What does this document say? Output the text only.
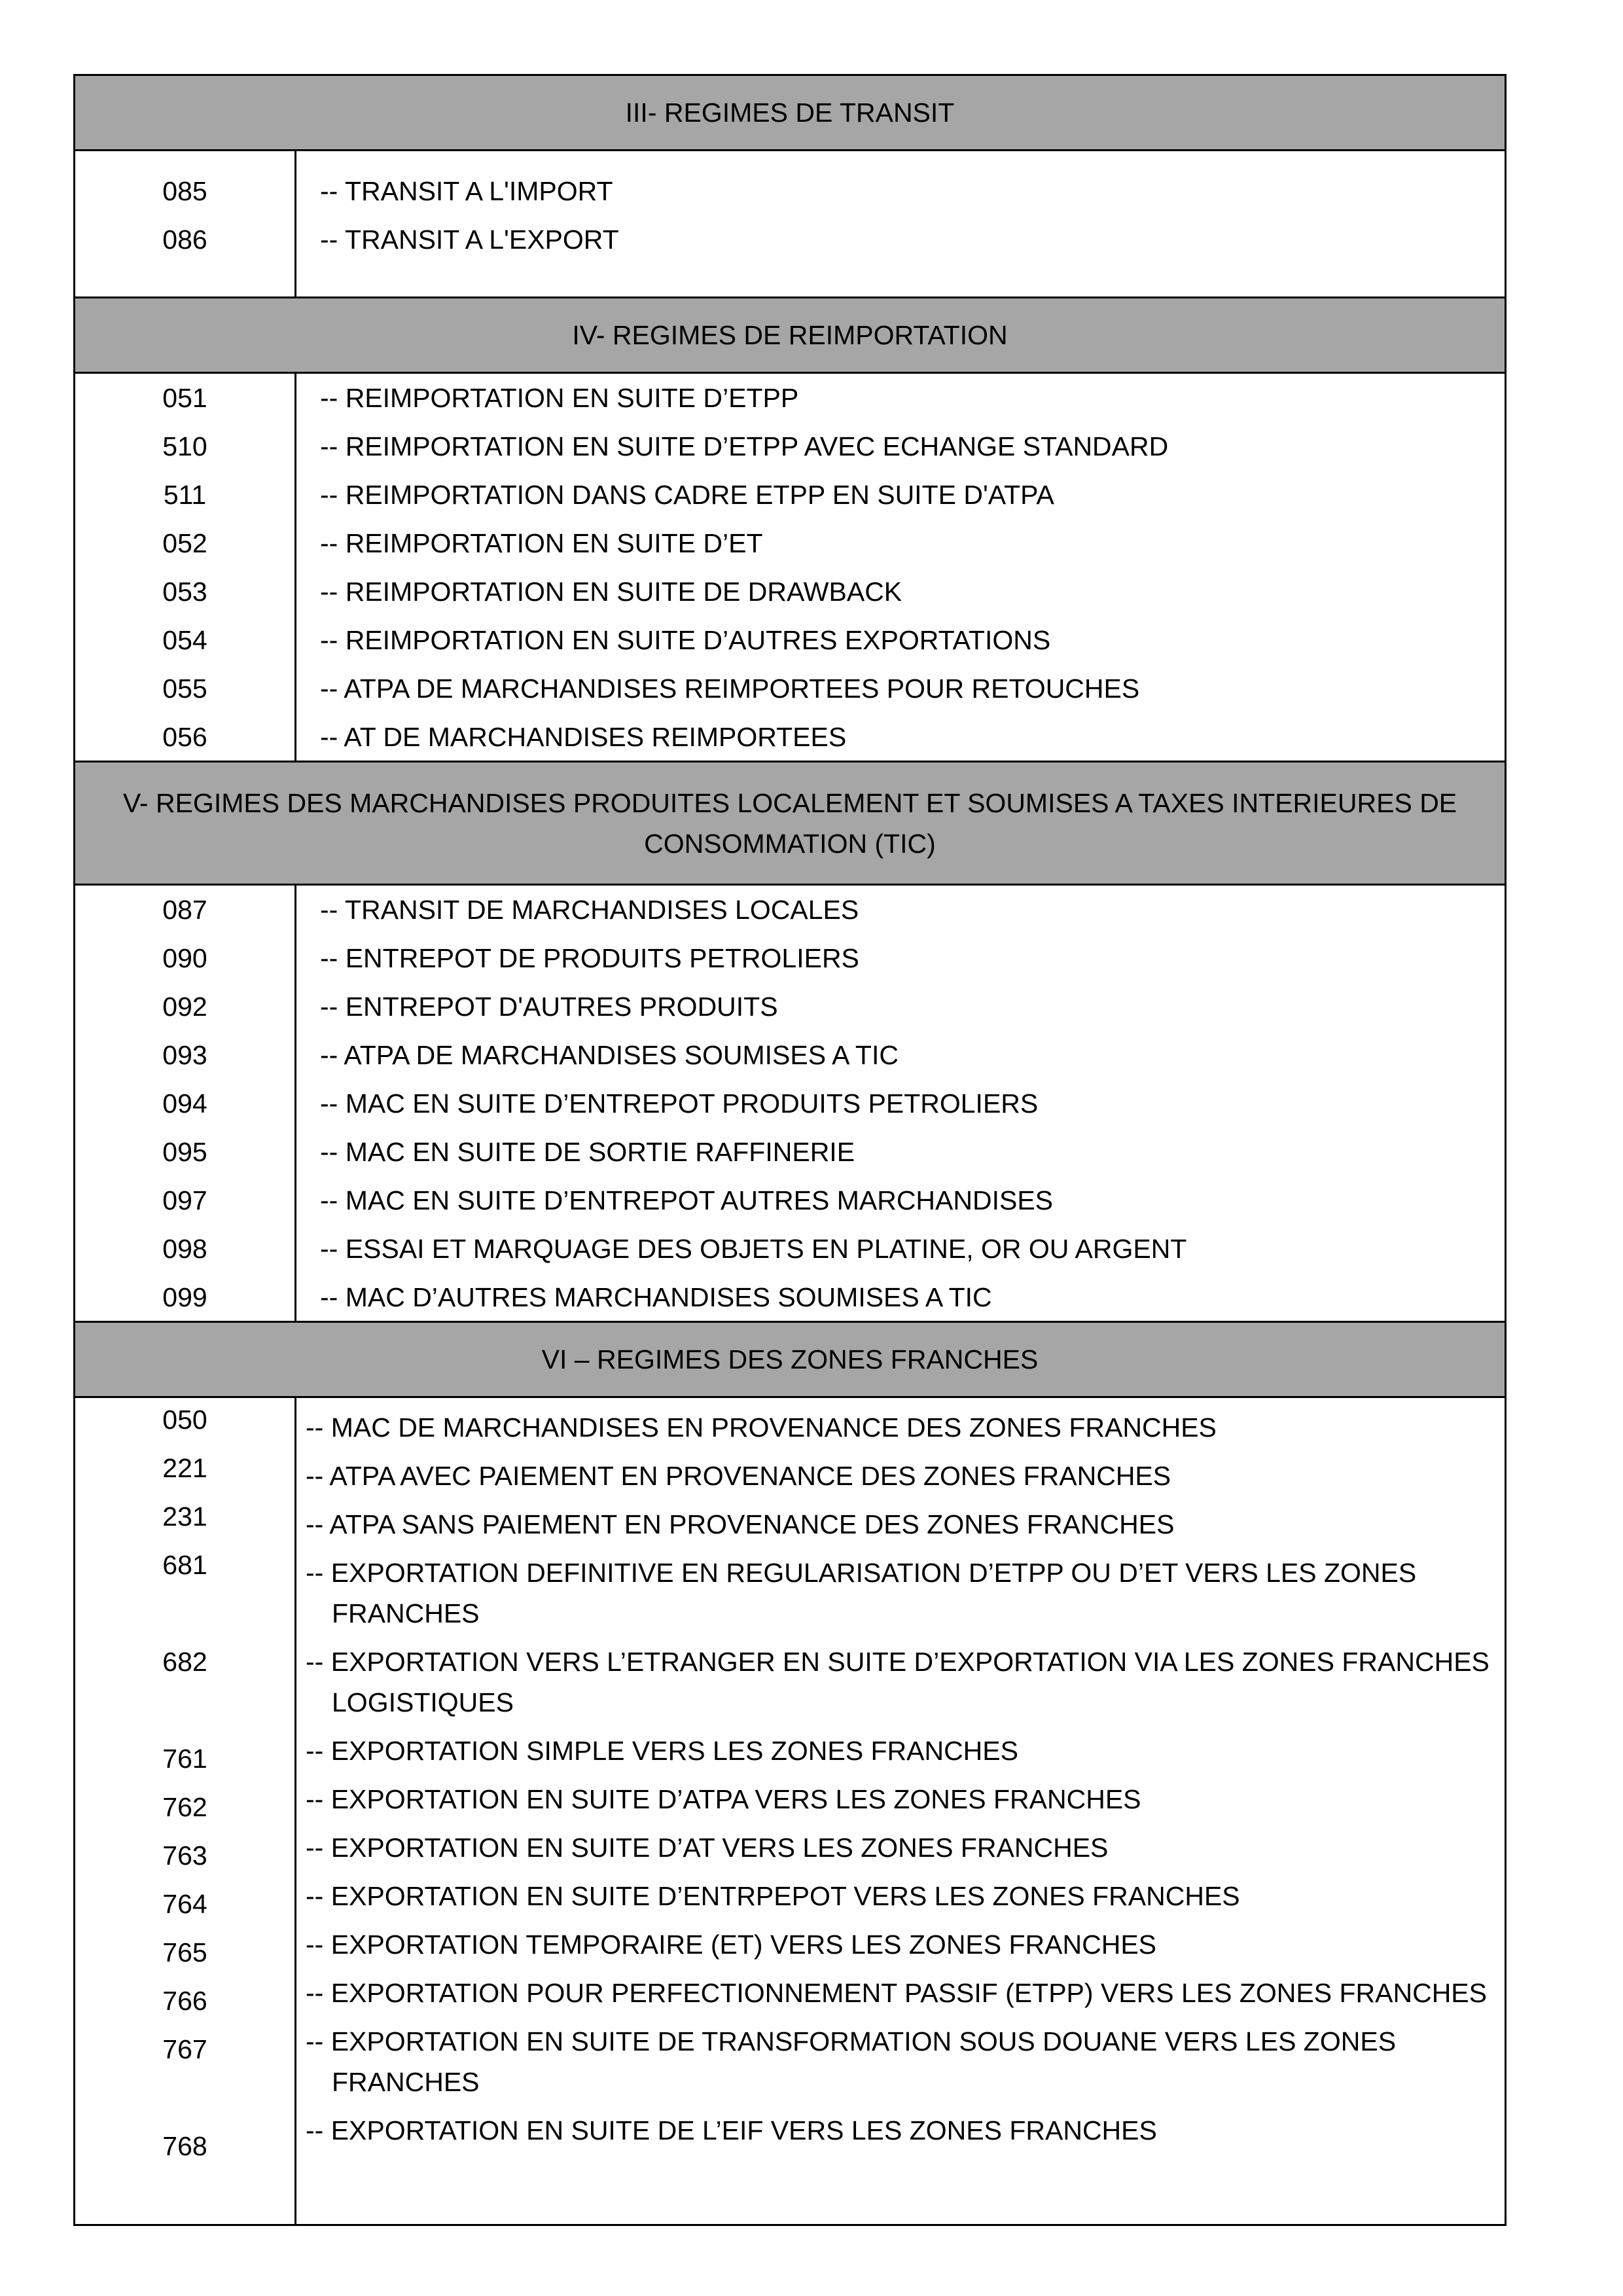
III- REGIMES DE TRANSIT
085
086
-- TRANSIT A L'IMPORT
-- TRANSIT A L'EXPORT
IV- REGIMES DE REIMPORTATION
051
510
511
052
053
054
055
056
-- REIMPORTATION EN SUITE D’ETPP
-- REIMPORTATION EN SUITE D’ETPP AVEC ECHANGE STANDARD
-- REIMPORTATION DANS CADRE ETPP EN SUITE D'ATPA
-- REIMPORTATION EN SUITE D’ET
-- REIMPORTATION EN SUITE DE DRAWBACK
-- REIMPORTATION EN SUITE D’AUTRES EXPORTATIONS
-- ATPA DE MARCHANDISES REIMPORTEES POUR RETOUCHES
-- AT DE MARCHANDISES REIMPORTEES
V- REGIMES DES MARCHANDISES PRODUITES LOCALEMENT ET SOUMISES A TAXES INTERIEURES DE
CONSOMMATION (TIC)
087
090
092
093
094
095
097
098
099
-- TRANSIT DE MARCHANDISES LOCALES
-- ENTREPOT DE PRODUITS PETROLIERS
-- ENTREPOT D'AUTRES PRODUITS
-- ATPA DE MARCHANDISES SOUMISES A TIC
-- MAC EN SUITE D’ENTREPOT PRODUITS PETROLIERS
-- MAC EN SUITE DE SORTIE RAFFINERIE
-- MAC EN SUITE D’ENTREPOT AUTRES MARCHANDISES
-- ESSAI ET MARQUAGE DES OBJETS EN PLATINE, OR OU ARGENT
-- MAC D’AUTRES MARCHANDISES SOUMISES A TIC
VI – REGIMES DES ZONES FRANCHES
050
221
231
681
682
761
762
763
764
765
766
767
768
-- MAC DE MARCHANDISES EN PROVENANCE DES ZONES FRANCHES
-- ATPA AVEC PAIEMENT EN PROVENANCE DES ZONES FRANCHES
-- ATPA SANS PAIEMENT EN PROVENANCE DES ZONES FRANCHES
-- EXPORTATION DEFINITIVE EN REGULARISATION D’ETPP OU D’ET VERS LES ZONES
FRANCHES
-- EXPORTATION VERS L’ETRANGER EN SUITE D’EXPORTATION VIA LES ZONES FRANCHES
LOGISTIQUES
-- EXPORTATION SIMPLE VERS LES ZONES FRANCHES
-- EXPORTATION EN SUITE D’ATPA VERS LES ZONES FRANCHES
-- EXPORTATION EN SUITE D’AT VERS LES ZONES FRANCHES
-- EXPORTATION EN SUITE D’ENTRPEPOT VERS LES ZONES FRANCHES
-- EXPORTATION TEMPORAIRE (ET) VERS LES ZONES FRANCHES
-- EXPORTATION POUR PERFECTIONNEMENT PASSIF (ETPP) VERS LES ZONES FRANCHES
-- EXPORTATION EN SUITE DE TRANSFORMATION SOUS DOUANE VERS LES ZONES
FRANCHES
-- EXPORTATION EN SUITE DE L’EIF VERS LES ZONES FRANCHES
